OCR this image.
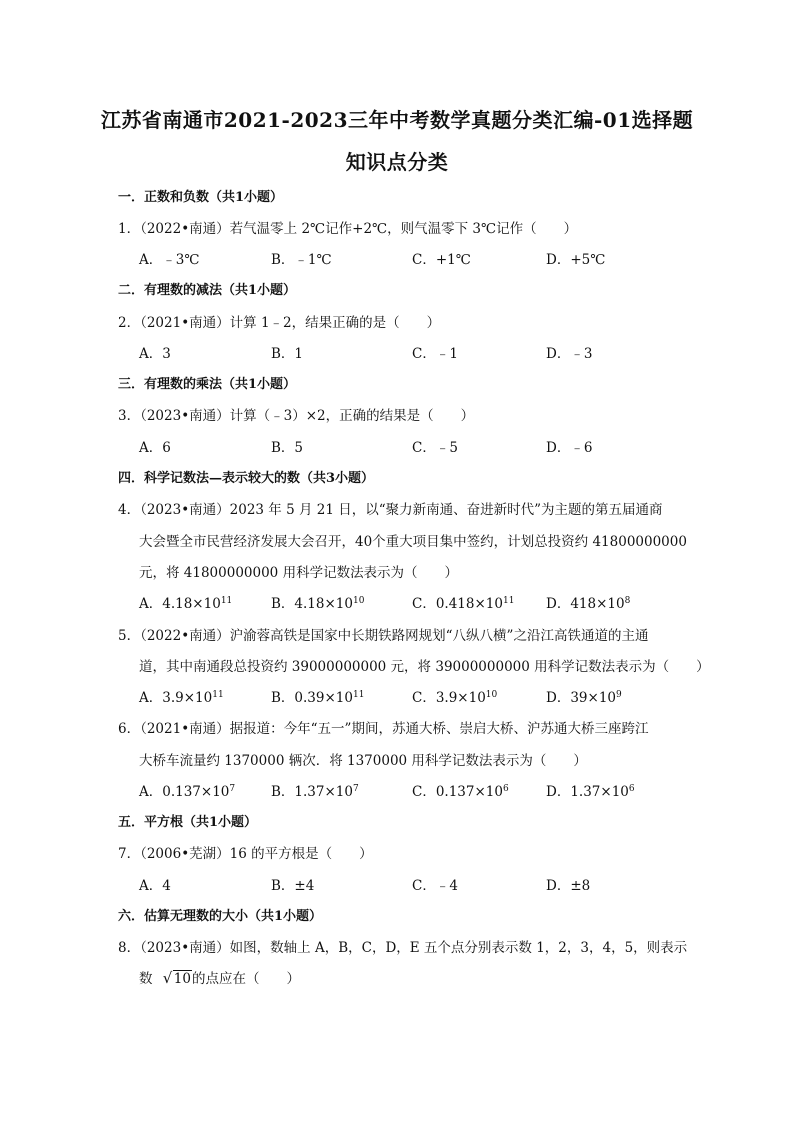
江苏省南通市2021-2023三年中考数学真题分类汇编-01选择题
知识点分类
一．正数和负数（共1小题）
1．（2022•南通）若气温零上 2℃记作+2℃，则气温零下 3℃记作（　　）
A．﹣3℃	B．﹣1℃	C．+1℃	D．+5℃
二．有理数的减法（共1小题）
2．（2021•南通）计算 1﹣2，结果正确的是（　　）
A．3	B．1	C．﹣1	D．﹣3
三．有理数的乘法（共1小题）
3．（2023•南通）计算（﹣3）×2，正确的结果是（　　）
A．6	B．5	C．﹣5	D．﹣6
四．科学记数法—表示较大的数（共3小题）
4．（2023•南通）2023 年 5 月 21 日，以“聚力新南通、奋进新时代”为主题的第五届通商
大会暨全市民营经济发展大会召开，40个重大项目集中签约，计划总投资约 41800000000
元，将 41800000000 用科学记数法表示为（　　）
A．$4.18\times 10^{11}$	B．$4.18\times 10^{10}$	C．$0.418\times 10^{11}$ D．$418\times 10^8$
5．（2022•南通）沪渝蓉高铁是国家中长期铁路网规划“八纵八横”之沿江高铁通道的主通
道，其中南通段总投资约 39000000000 元，将 39000000000 用科学记数法表示为（　　）
A．$3.9\times 10^{11}$	B．$0.39\times 10^{11}$	C．$3.9\times 10^{10}$	D．$39\times 10^9$
6．（2021•南通）据报道：今年“五一”期间，苏通大桥、崇启大桥、沪苏通大桥三座跨江
大桥车流量约 1370000 辆次．将 1370000 用科学记数法表示为（　　）
A．$0.137\times 10^7$	B．$1.37\times 10^7$	C．$0.137\times 10^6$	D．$1.37\times 10^6$
五．平方根（共1小题）
7．（2006•芜湖）16 的平方根是（　　）
A．4	B．±4	C．﹣4	D．±8
六．估算无理数的大小（共1小题）
8．（2023•南通）如图，数轴上 A，B，C，D，E 五个点分别表示数 1，2，3，4，5，则表示
数 √ 10的点应在（　　）
